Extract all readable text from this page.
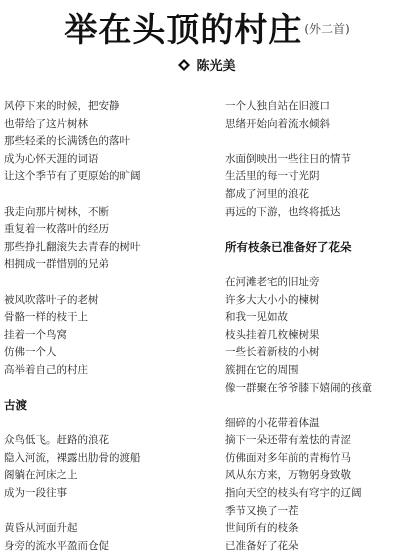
举在头顶的村庄 $^{(外二首)}$
陈光美
风停下来的时候，把安静
也带给了这片树林
那些轻柔的长满锈色的落叶
成为心怀天涯的词语
让这个季节有了更原始的旷阔
我走向那片树林，不断
重复着一枚落叶的经历
那些挣扎翻滚失去青春的树叶
相拥成一群惜别的兄弟
被风吹落叶子的老树
骨骼一样的枝干上
挂着一个鸟窝
仿佛一个人
高举着自己的村庄
古渡
众鸟低飞。赶路的浪花
隐入河流，裸露出肋骨的渡船
阁躺在河床之上
成为一段往事
黄昏从河面升起
身旁的流水平盈而仓促
一个人独自站在旧渡口
思绪开始向着流水倾斜
水面倒映出一些往日的情节
生活里的每一寸光阴
都成了河里的浪花
再远的下游，也终将抵达
所有枝条已准备好了花朵
在河滩老宅的旧址旁
许多大大小小的楝树
和我一见如故
枝头挂着几枚楝树果
一些长着新枝的小树
簇拥在它的周围
像一群聚在爷爷膝下嬉闹的孩童
细碎的小花带着体温
摘下一朵还带有羞怯的青涩
仿佛面对多年前的青梅竹马
风从东方来，万物躬身致敬
指向天空的枝头有穹宇的辽阔
季节又换了一茬
世间所有的枝条
已准备好了花朵
